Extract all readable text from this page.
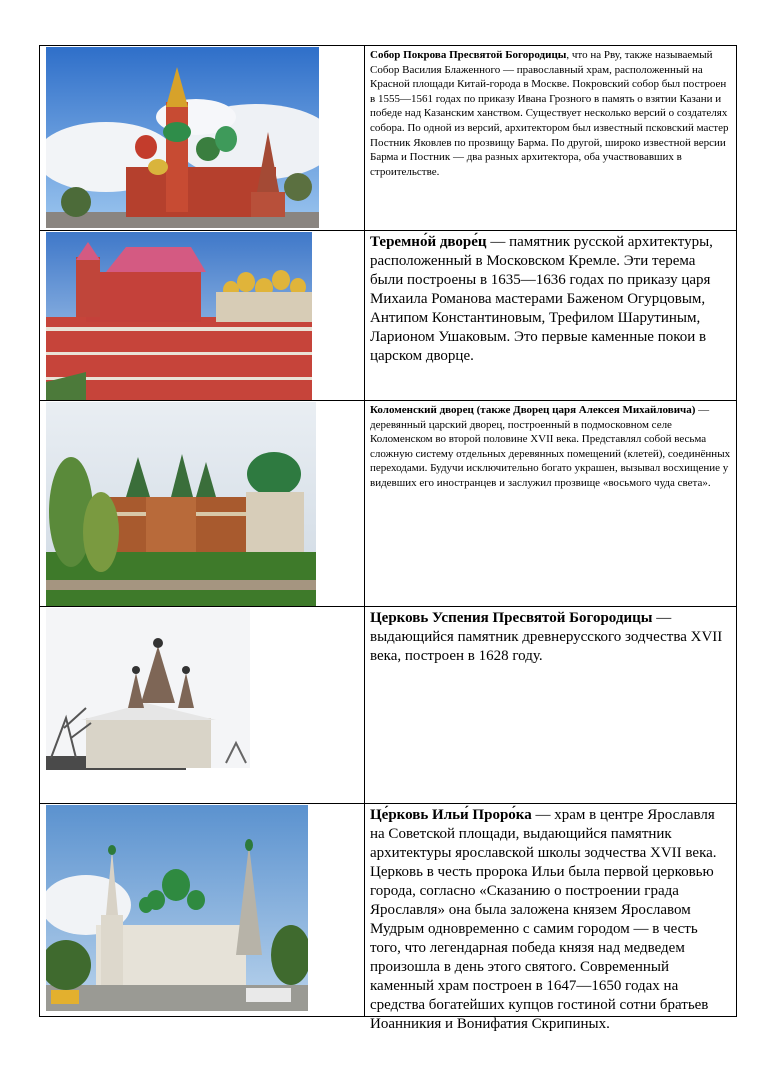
Собор Покрова Пресвятой Богородицы, что на Рву, также называемый Собор Василия Блаженного — православный храм, расположенный на Красной площади Китай-города в Москве. Покровский собор был построен в 1555—1561 годах по приказу Ивана Грозного в память о взятии Казани и победе над Казанским ханством. Существует несколько версий о создателях собора. По одной из версий, архитектором был известный псковский мастер Постник Яковлев по прозвищу Барма. По другой, широко известной версии Барма и Постник — два разных архитектора, оба участвовавших в строительстве.
Теремно́й дворе́ц — памятник русской архитектуры, расположенный в Московском Кремле. Эти терема были построены в 1635—1636 годах по приказу царя Михаила Романова мастерами Баженом Огурцовым, Антипом Константиновым, Трефилом Шарутиным, Ларионом Ушаковым. Это первые каменные покои в царском дворце.
Коломенский дворец (также Дворец царя Алексея Михайловича) — деревянный царский дворец, построенный в подмосковном селе Коломенском во второй половине XVII века. Представлял собой весьма сложную систему отдельных деревянных помещений (клетей), соединённых переходами. Будучи исключительно богато украшен, вызывал восхищение у видевших его иностранцев и заслужил прозвище «восьмого чуда света».
Церковь Успения Пресвятой Богородицы — выдающийся памятник древнерусского зодчества XVII века, построен в 1628 году.
Це́рковь Ильи́ Проро́ка — храм в центре Ярославля на Советской площади, выдающийся памятник архитектуры ярославской школы зодчества XVII века. Церковь в честь пророка Ильи была первой церковью города, согласно «Сказанию о построении града Ярославля» она была заложена князем Ярославом Мудрым одновременно с самим городом — в честь того, что легендарная победа князя над медведем произошла в день этого святого. Современный каменный храм построен в 1647—1650 годах на средства богатейших купцов гостиной сотни братьев Иоанникия и Вонифатия Скрипиных.
